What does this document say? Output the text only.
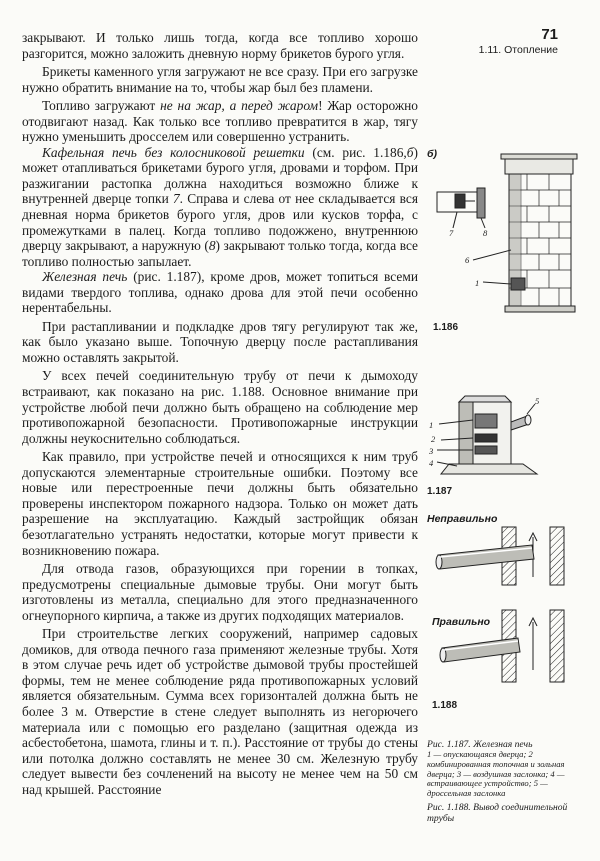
71
1.11. Отопление

закрывают. И только лишь тогда, когда все топливо хорошо разгорится, можно заложить дневную норму брикетов бурого угля.

Брикеты каменного угля загружают не все сразу. При его загрузке нужно обратить внимание на то, чтобы жар был без пламени.

Топливо загружают не на жар, а перед жаром! Жар осторожно отодвигают назад. Как только все топливо превратится в жар, тягу нужно уменьшить дросселем или совершенно устранить.

Кафельная печь без колосниковой решетки (см. рис. 1.186,б) может отапливаться брикетами бурого угля, дровами и торфом. При разжигании растопка должна находиться возможно ближе к внутренней дверце топки 7. Справа и слева от нее складывается вся дневная норма брикетов бурого угля, дров или кусков торфа, с промежутками в палец. Когда топливо подожжено, внутреннюю дверцу закрывают, а наружную (8) закрывают только тогда, когда все топливо полностью запылает.

Железная печь (рис. 1.187), кроме дров, может топиться всеми видами твердого топлива, однако дрова для этой печи особенно нерентабельны.

При растапливании и подкладке дров тягу регулируют так же, как было указано выше. Топочную дверцу после растапливания можно оставлять закрытой.

У всех печей соединительную трубу от печи к дымоходу встраивают, как показано на рис. 1.188. Основное внимание при устройстве любой печи должно быть обращено на соблюдение мер противопожарной безопасности. Противопожарные инструкции должны неукоснительно соблюдаться.

Как правило, при устройстве печей и относящихся к ним труб допускаются элементарные строительные ошибки. Поэтому все новые или перестроенные печи должны быть обязательно проверены инспектором пожарного надзора. Только он может дать разрешение на эксплуатацию. Каждый застройщик обязан безотлагательно устранять недостатки, которые могут привести к возникновению пожара.

Для отвода газов, образующихся при горении в топках, предусмотрены специальные дымовые трубы. Они могут быть изготовлены из металла, специально для этого предназначенного огнеупорного кирпича, а также из других подходящих материалов.

При строительстве легких сооружений, например садовых домиков, для отвода печного газа применяют железные трубы. Хотя в этом случае речь идет об устройстве дымовой трубы простейшей формы, тем не менее соблюдение ряда противопожарных условий является обязательным. Сумма всех горизонталей должна быть не более 3 м. Отверстие в стене следует выполнять из негорючего материала или с помощью его разделано (защитная одежда из асбестобетона, шамота, глины и т. п.). Расстояние от трубы до стены или потолка должно составлять не менее 30 см. Железную трубу следует вывести без сочленений на высоту не менее чем на 50 см над крышей. Расстояние

б)
7	8
6
1
1.186
1
2
3
4
5
1.187
Неправильно
Правильно
1.188
Рис. 1.187. Железная печь
1 — опускающаяся дверца; 2 комбинированная топочная и зольная дверца; 3 — воздушная заслонка; 4 — встраивающее устройство; 5 — дроссельная заслонка
Рис. 1.188. Вывод соединительной трубы
